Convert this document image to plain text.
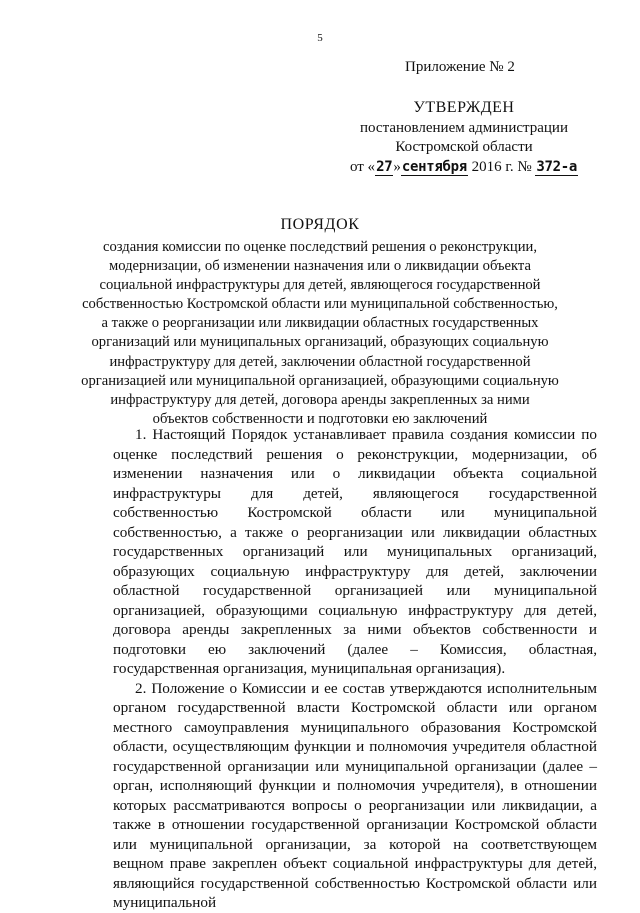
5
Приложение № 2
УТВЕРЖДЕН
постановлением администрации
Костромской области
от «27»сентября 2016 г. № 372-а
ПОРЯДОК
создания комиссии по оценке последствий решения о реконструкции,
модернизации, об изменении назначения или о ликвидации объекта
социальной инфраструктуры для детей, являющегося государственной
собственностью Костромской области или муниципальной собственностью,
а также о реорганизации или ликвидации областных государственных
организаций или муниципальных организаций, образующих социальную
инфраструктуру для детей, заключении областной государственной
организацией или муниципальной организацией, образующими социальную
инфраструктуру для детей, договора аренды закрепленных за ними
объектов собственности и подготовки ею заключений

1. Настоящий Порядок устанавливает правила создания комиссии по оценке последствий решения о реконструкции, модернизации, об изменении назначения или о ликвидации объекта социальной инфраструктуры для детей, являющегося государственной собственностью Костромской области или муниципальной собственностью, а также о реорганизации или ликвидации областных государственных организаций или муниципальных организаций, образующих социальную инфраструктуру для детей, заключении областной государственной организацией или муниципальной организацией, образующими социальную инфраструктуру для детей, договора аренды закрепленных за ними объектов собственности и подготовки ею заключений (далее – Комиссия, областная, государственная организация, муниципальная организация).

2. Положение о Комиссии и ее состав утверждаются исполнительным органом государственной власти Костромской области или органом местного самоуправления муниципального образования Костромской области, осуществляющим функции и полномочия учредителя областной государственной организации или муниципальной организации (далее – орган, исполняющий функции и полномочия учредителя), в отношении которых рассматриваются вопросы о реорганизации или ликвидации, а также в отношении государственной организации Костромской области или муниципальной организации, за которой на соответствующем вещном праве закреплен объект социальной инфраструктуры для детей, являющийся государственной собственностью Костромской области или муниципальной
